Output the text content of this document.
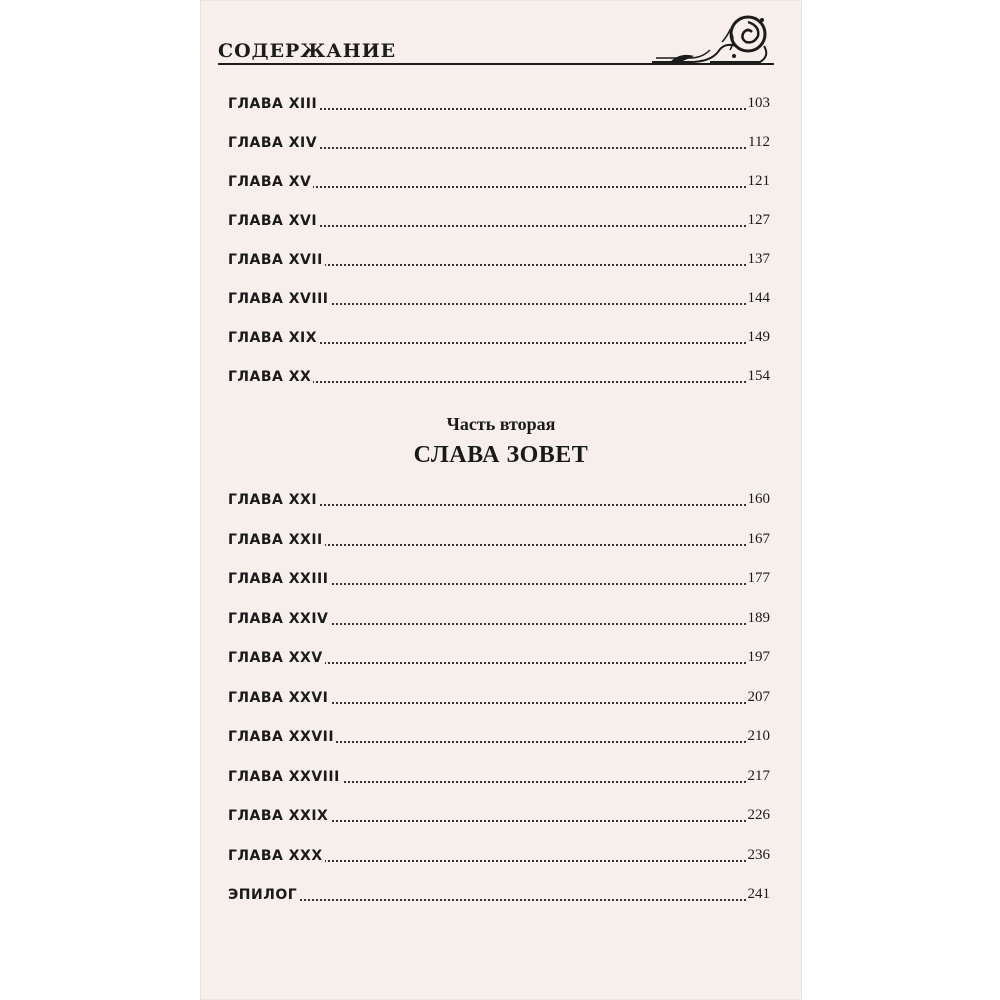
СОДЕРЖАНИЕ

ГЛАВА XIII	103
ГЛАВА XIV	112
ГЛАВА XV	121
ГЛАВА XVI	127
ГЛАВА XVII	137
ГЛАВА XVIII	144
ГЛАВА XIX	149
ГЛАВА XX	154
Часть вторая
СЛАВА ЗОВЕТ
ГЛАВА XXI	160
ГЛАВА XXII	167
ГЛАВА XXIII	177
ГЛАВА XXIV	189
ГЛАВА XXV	197
ГЛАВА XXVI	207
ГЛАВА XXVII	210
ГЛАВА XXVIII	217
ГЛАВА XXIX	226
ГЛАВА XXX	236
ЭПИЛОГ	241
